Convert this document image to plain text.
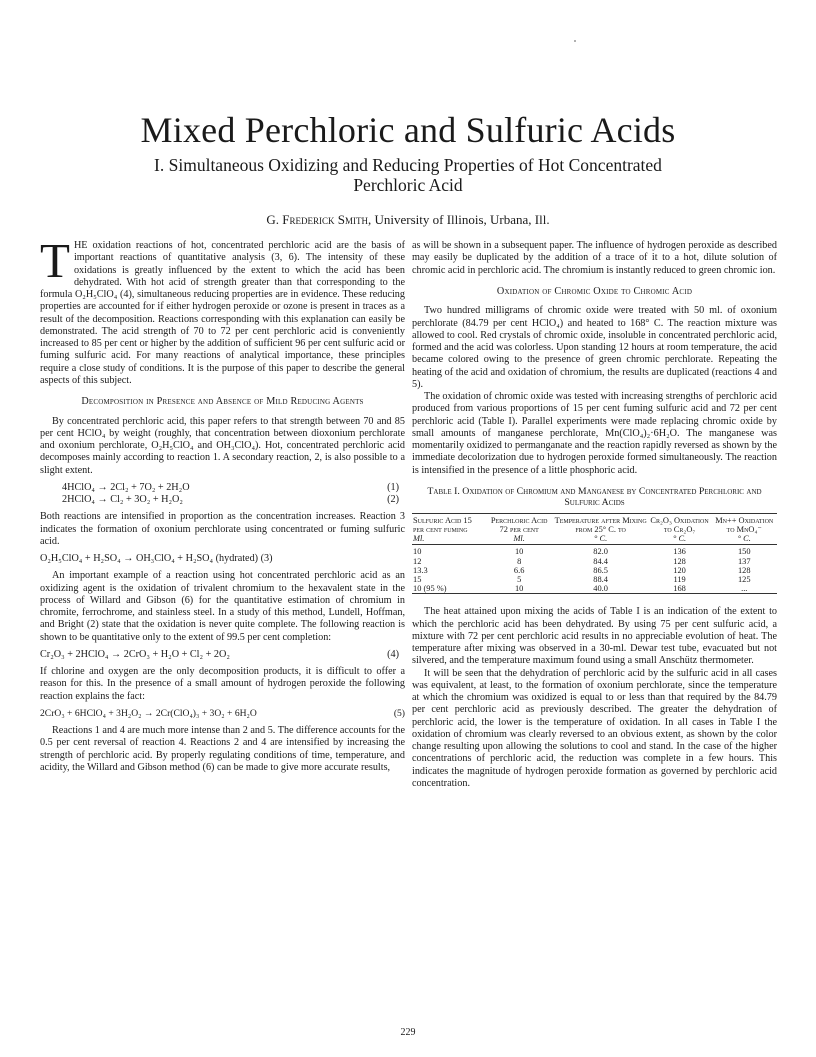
Mixed Perchloric and Sulfuric Acids
I. Simultaneous Oxidizing and Reducing Properties of Hot Concentrated Perchloric Acid
G. Frederick Smith, University of Illinois, Urbana, Ill.

THE oxidation reactions of hot, concentrated perchloric acid are the basis of important reactions of quantitative analysis (3, 6). The intensity of these oxidations is greatly influenced by the extent to which the acid has been dehydrated. With hot acid of strength greater than that corresponding to the formula O₂H₅ClO₄ (4), simultaneous reducing properties are in evidence. These reducing properties are accounted for if either hydrogen peroxide or ozone is present in traces as a result of the decomposition. Reactions corresponding with this explanation can easily be demonstrated. The acid strength of 70 to 72 per cent perchloric acid is conveniently increased to 85 per cent or higher by the addition of sufficient 96 per cent sulfuric acid or fuming sulfuric acid. For many reactions of analytical importance, these principles require a close study of conditions. It is the purpose of this paper to describe the general aspects of this subject.

Decomposition in Presence and Absence of Mild Reducing Agents

By concentrated perchloric acid, this paper refers to that strength between 70 and 85 per cent HClO₄ by weight (roughly, that concentration between dioxonium perchlorate and oxonium perchlorate, O₂H₅ClO₄ and OH₃ClO₄). Hot, concentrated perchloric acid decomposes mainly according to reaction 1. A secondary reaction, 2, is also possible to a slight extent.

4HClO₄ → 2Cl₂ + 7O₂ + 2H₂O	(1)
2HClO₄ → Cl₂ + 3O₂ + H₂O₂	(2)

Both reactions are intensified in proportion as the concentration increases. Reaction 3 indicates the formation of oxonium perchlorate using concentrated or fuming sulfuric acid.

O₂H₅ClO₄ + H₂SO₄ → OH₃ClO₄ + H₂SO₄ (hydrated) (3)

An important example of a reaction using hot concentrated perchloric acid as an oxidizing agent is the oxidation of trivalent chromium to the hexavalent state in the process of Willard and Gibson (6) for the quantitative estimation of chromium in chromite, ferrochrome, and stainless steel. In a study of this method, Lundell, Hoffman, and Bright (2) state that the oxidation is never quite complete. The following reaction is shown to be quantitative only to the extent of 99.5 per cent completion:

Cr₂O₃ + 2HClO₄ → 2CrO₃ + H₂O + Cl₂ + 2O₂	(4)

If chlorine and oxygen are the only decomposition products, it is difficult to offer a reason for this. In the presence of a small amount of hydrogen peroxide the following reaction explains the fact:

2CrO₃ + 6HClO₄ + 3H₂O₂ → 2Cr(ClO₄)₃ + 3O₂ + 6H₂O	(5)

Reactions 1 and 4 are much more intense than 2 and 5. The difference accounts for the 0.5 per cent reversal of reaction 4. Reactions 2 and 4 are intensified by increasing the strength of perchloric acid. By properly regulating conditions of time, temperature, and acidity, the Willard and Gibson method (6) can be made to give more accurate results,

as will be shown in a subsequent paper. The influence of hydrogen peroxide as described may easily be duplicated by the addition of a trace of it to a hot, dilute solution of chromic acid in perchloric acid. The chromium is instantly reduced to green chromic ion.

Oxidation of Chromic Oxide to Chromic Acid

Two hundred milligrams of chromic oxide were treated with 50 ml. of oxonium perchlorate (84.79 per cent HClO₄) and heated to 168° C. The reaction mixture was allowed to cool. Red crystals of chromic oxide, insoluble in concentrated perchloric acid, formed and the acid was colorless. Upon standing 12 hours at room temperature, the acid became colored owing to the presence of green chromic perchlorate. Repeating the heating of the acid and oxidation of chromium, the results are duplicated (reactions 4 and 5).

The oxidation of chromic oxide was tested with increasing strengths of perchloric acid produced from various proportions of 15 per cent fuming sulfuric acid and 72 per cent perchloric acid (Table I). Parallel experiments were made replacing chromic oxide by small amounts of manganese perchlorate, Mn(ClO₄)₂·6H₂O. The manganese was momentarily oxidized to permanganate and the reaction rapidly reversed as shown by the immediate decolorization due to hydrogen peroxide formed simultaneously. The reaction is intensified in the presence of a little phosphoric acid.

Table I. Oxidation of Chromium and Manganese by Concentrated Perchloric and Sulfuric Acids
Sulfuric Acid 15 per cent fuming	Perchloric Acid 72 per cent	Temperature after Mixing from 25° C. to	Cr₂O₃ Oxidation to Cr₂O₇	Mn++ Oxidation to MnO₄⁻
Ml.	Ml.	° C.	° C.	° C.
10	10	82.0	136	150
12	8	84.4	128	137
13.3	6.6	86.5	120	128
15	5	88.4	119	125
10 (95 %)	10	40.0	168	...

The heat attained upon mixing the acids of Table I is an indication of the extent to which the perchloric acid has been dehydrated. By using 75 per cent sulfuric acid, a mixture with 72 per cent perchloric acid results in no appreciable evolution of heat. The temperature after mixing was observed in a 30-ml. Dewar test tube, evacuated but not silvered, and the temperature maximum found using a small Anschütz thermometer.

It will be seen that the dehydration of perchloric acid by the sulfuric acid in all cases was equivalent, at least, to the formation of oxonium perchlorate, since the temperature at which the chromium was oxidized is equal to or less than that required by the 84.79 per cent perchloric acid as previously described. The greater the dehydration of perchloric acid, the lower is the temperature of oxidation. In all cases in Table I the oxidation of chromium was clearly reversed to an obvious extent, as shown by the color change resulting upon allowing the solutions to cool and stand. In the case of the higher concentrations of perchloric acid, the reduction was complete in a few hours. This indicates the magnitude of hydrogen peroxide formation as governed by perchloric acid concentration.

229
